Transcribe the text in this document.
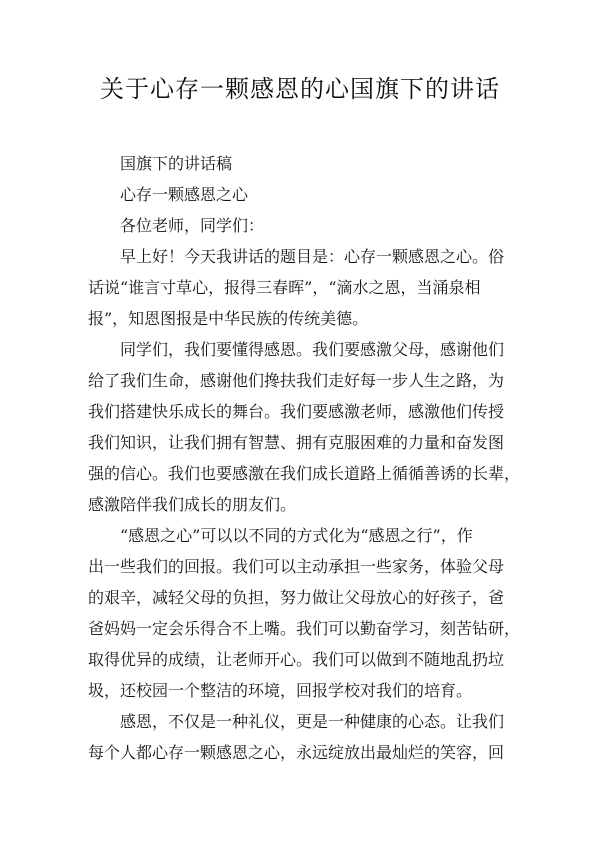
关于心存一颗感恩的心国旗下的讲话
国旗下的讲话稿
心存一颗感恩之心
各位老师，同学们：
早上好！今天我讲话的题目是：心存一颗感恩之心。俗
话说“谁言寸草心，报得三春晖”，“滴水之恩，当涌泉相
报”，知恩图报是中华民族的传统美德。
同学们，我们要懂得感恩。我们要感激父母，感谢他们
给了我们生命，感谢他们搀扶我们走好每一步人生之路，为
我们搭建快乐成长的舞台。我们要感激老师，感激他们传授
我们知识，让我们拥有智慧、拥有克服困难的力量和奋发图
强的信心。我们也要感激在我们成长道路上循循善诱的长辈，
感激陪伴我们成长的朋友们。
“感恩之心”可以以不同的方式化为“感恩之行”，作
出一些我们的回报。我们可以主动承担一些家务，体验父母
的艰辛，减轻父母的负担，努力做让父母放心的好孩子，爸
爸妈妈一定会乐得合不上嘴。我们可以勤奋学习，刻苦钻研，
取得优异的成绩，让老师开心。我们可以做到不随地乱扔垃
圾，还校园一个整洁的环境，回报学校对我们的培育。
感恩，不仅是一种礼仪，更是一种健康的心态。让我们
每个人都心存一颗感恩之心，永远绽放出最灿烂的笑容，回
